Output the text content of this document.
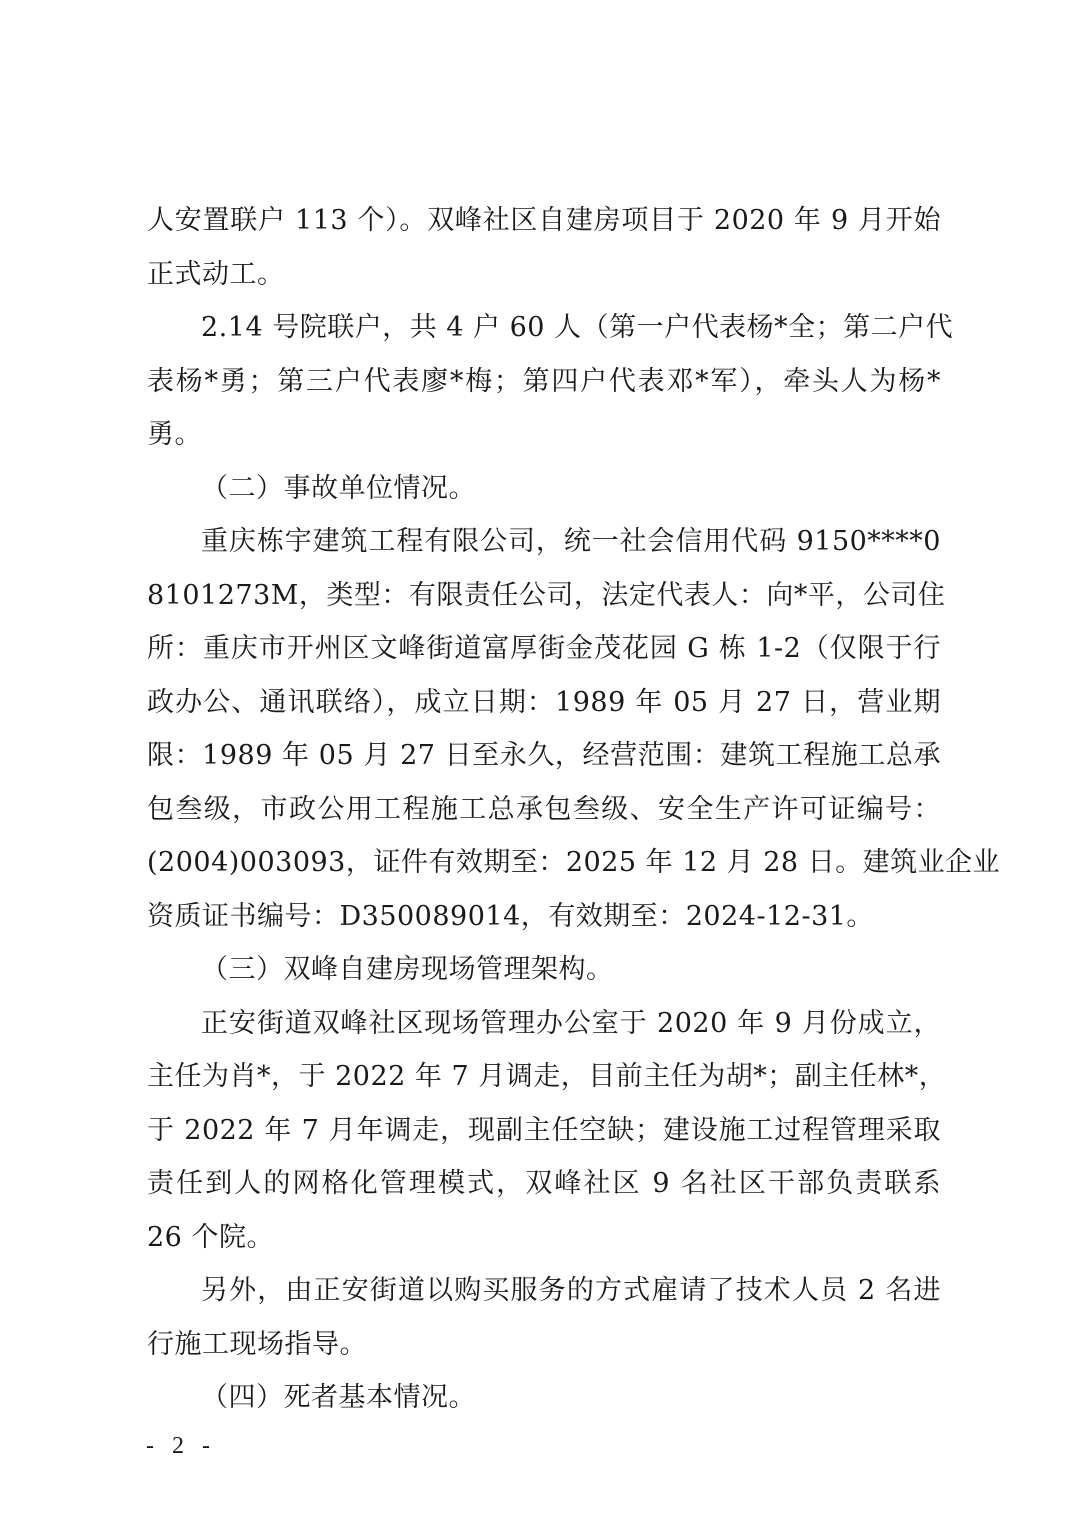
人安置联户 113 个）。双峰社区自建房项目于 2020 年 9 月开始
正式动工。
2.14 号院联户，共 4 户 60 人（第一户代表杨*全；第二户代
表杨*勇；第三户代表廖*梅；第四户代表邓*军），牵头人为杨*
勇。
（二）事故单位情况。
重庆栋宇建筑工程有限公司，统一社会信用代码 9150****0
8101273M，类型：有限责任公司，法定代表人：向*平，公司住
所：重庆市开州区文峰街道富厚街金茂花园 G 栋 1-2（仅限于行
政办公、通讯联络），成立日期：1989 年 05 月 27 日，营业期
限：1989 年 05 月 27 日至永久，经营范围：建筑工程施工总承
包叁级，市政公用工程施工总承包叁级、安全生产许可证编号：
(2004)003093，证件有效期至：2025 年 12 月 28 日。建筑业企业
资质证书编号：D350089014，有效期至：2024-12-31。
（三）双峰自建房现场管理架构。
正安街道双峰社区现场管理办公室于 2020 年 9 月份成立，
主任为肖*，于 2022 年 7 月调走，目前主任为胡*；副主任林*，
于 2022 年 7 月年调走，现副主任空缺；建设施工过程管理采取
责任到人的网格化管理模式，双峰社区 9 名社区干部负责联系
26 个院。
另外，由正安街道以购买服务的方式雇请了技术人员 2 名进
行施工现场指导。
（四）死者基本情况。
- 2 -
